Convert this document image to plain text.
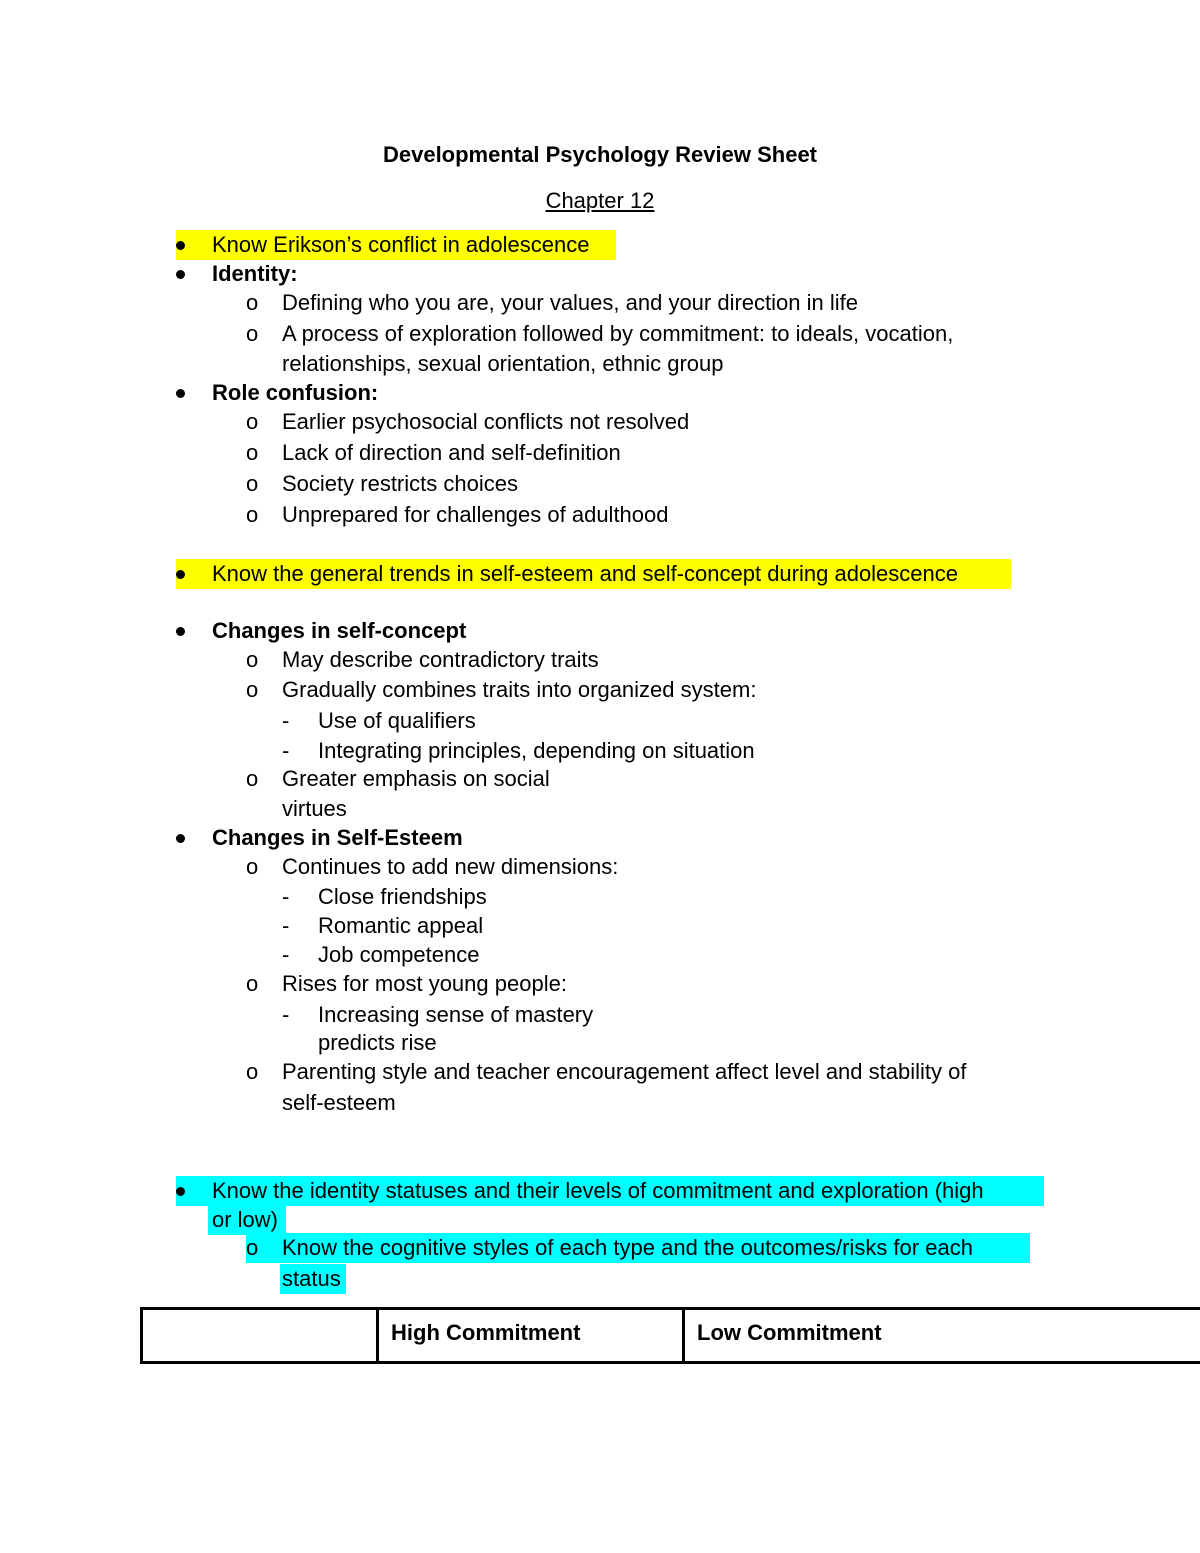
Developmental Psychology Review Sheet
Chapter 12
Know Erikson’s conflict in adolescence
Identity:
o Defining who you are, your values, and your direction in life
o A process of exploration followed by commitment: to ideals, vocation,
relationships, sexual orientation, ethnic group
Role confusion:
o Earlier psychosocial conflicts not resolved
o Lack of direction and self-definition
o Society restricts choices
o Unprepared for challenges of adulthood
Know the general trends in self-esteem and self-concept during adolescence
Changes in self-concept
o May describe contradictory traits
o Gradually combines traits into organized system:
- Use of qualifiers
- Integrating principles, depending on situation
o Greater emphasis on social
virtues
Changes in Self-Esteem
o Continues to add new dimensions:
- Close friendships
- Romantic appeal
- Job competence
o Rises for most young people:
- Increasing sense of mastery
predicts rise
o Parenting style and teacher encouragement affect level and stability of
self-esteem
Know the identity statuses and their levels of commitment and exploration (high
or low)
o Know the cognitive styles of each type and the outcomes/risks for each
status
	High Commitment	Low Commitment
